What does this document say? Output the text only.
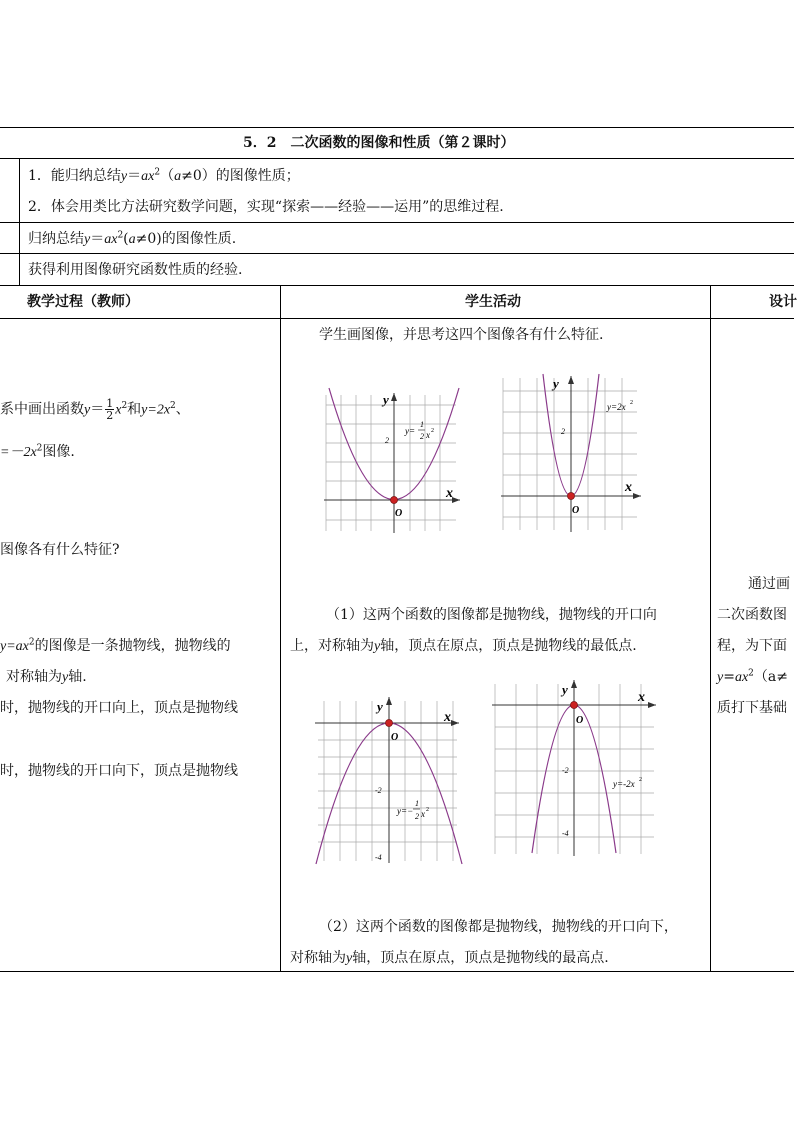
5．2　二次函数的图像和性质（第２课时）
1．能归纳总结$y=ax^2(a\ne 0)$的图像性质；
2．体会用类比方法研究数学问题，实现“探索——经验——运用”的思维过程.
归纳总结$y=ax^2(a\ne 0)$的图像性质.
获得利用图像研究函数性质的经验.
教学过程（教师）	学生活动	设计
系中画出函数$y= \frac{1}{2} x^2$和$y=2x^2$、
$=-2x^2$图像.
图像各有什么特征?
$y=ax^2$的图像是一条抛物线，抛物线的
对称轴为y轴.
时，抛物线的开口向上，顶点是抛物线
时，抛物线的开口向下，顶点是抛物线
学生画图像，并思考这四个图像各有什么特征.
y
x
O
2
y=
1
2 x 2
y
x
O
2
y=2x 2
（1）这两个函数的图像都是抛物线，抛物线的开口向
上，对称轴为y轴，顶点在原点，顶点是抛物线的最低点.
y
x
O
-2
-4
y=−
1
2 x 2
y
x
O
-2
-4
y=-2x 2
（2）这两个函数的图像都是抛物线，抛物线的开口向下，
对称轴为y轴，顶点在原点，顶点是抛物线的最高点.
通过画
二次函数图
程，为下面
$y=ax^2(a\ne$
质打下基础
